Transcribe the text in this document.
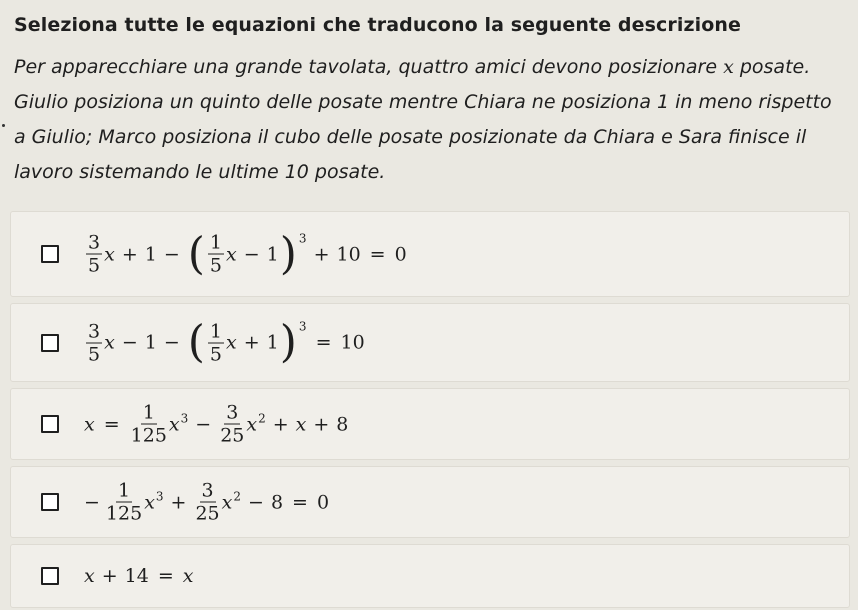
Seleziona tutte le equazioni che traducono la seguente descrizione
Per apparecchiare una grande tavolata, quattro amici devono posizionare x posate. Giulio posiziona un quinto delle posate mentre Chiara ne posiziona 1 in meno rispetto a Giulio; Marco posiziona il cubo delle posate posizionate da Chiara e Sara finisce il lavoro sistemando le ultime 10 posate.
$\frac{3}{5}$ x + 1 − ( $\frac{1}{5}$ x − 1 )$^3$
+ 10 = 0
$\frac{3}{5}$ x − 1 − ( $\frac{1}{5}$ x + 1 )$^3$
= 10
$x = \frac{1}{125} x^3 - \frac{3}{25} x^2 + x + 8$
− $\frac{1}{125} x^3 + \frac{3}{25} x^2 - 8 = 0$
x + 14 = x
